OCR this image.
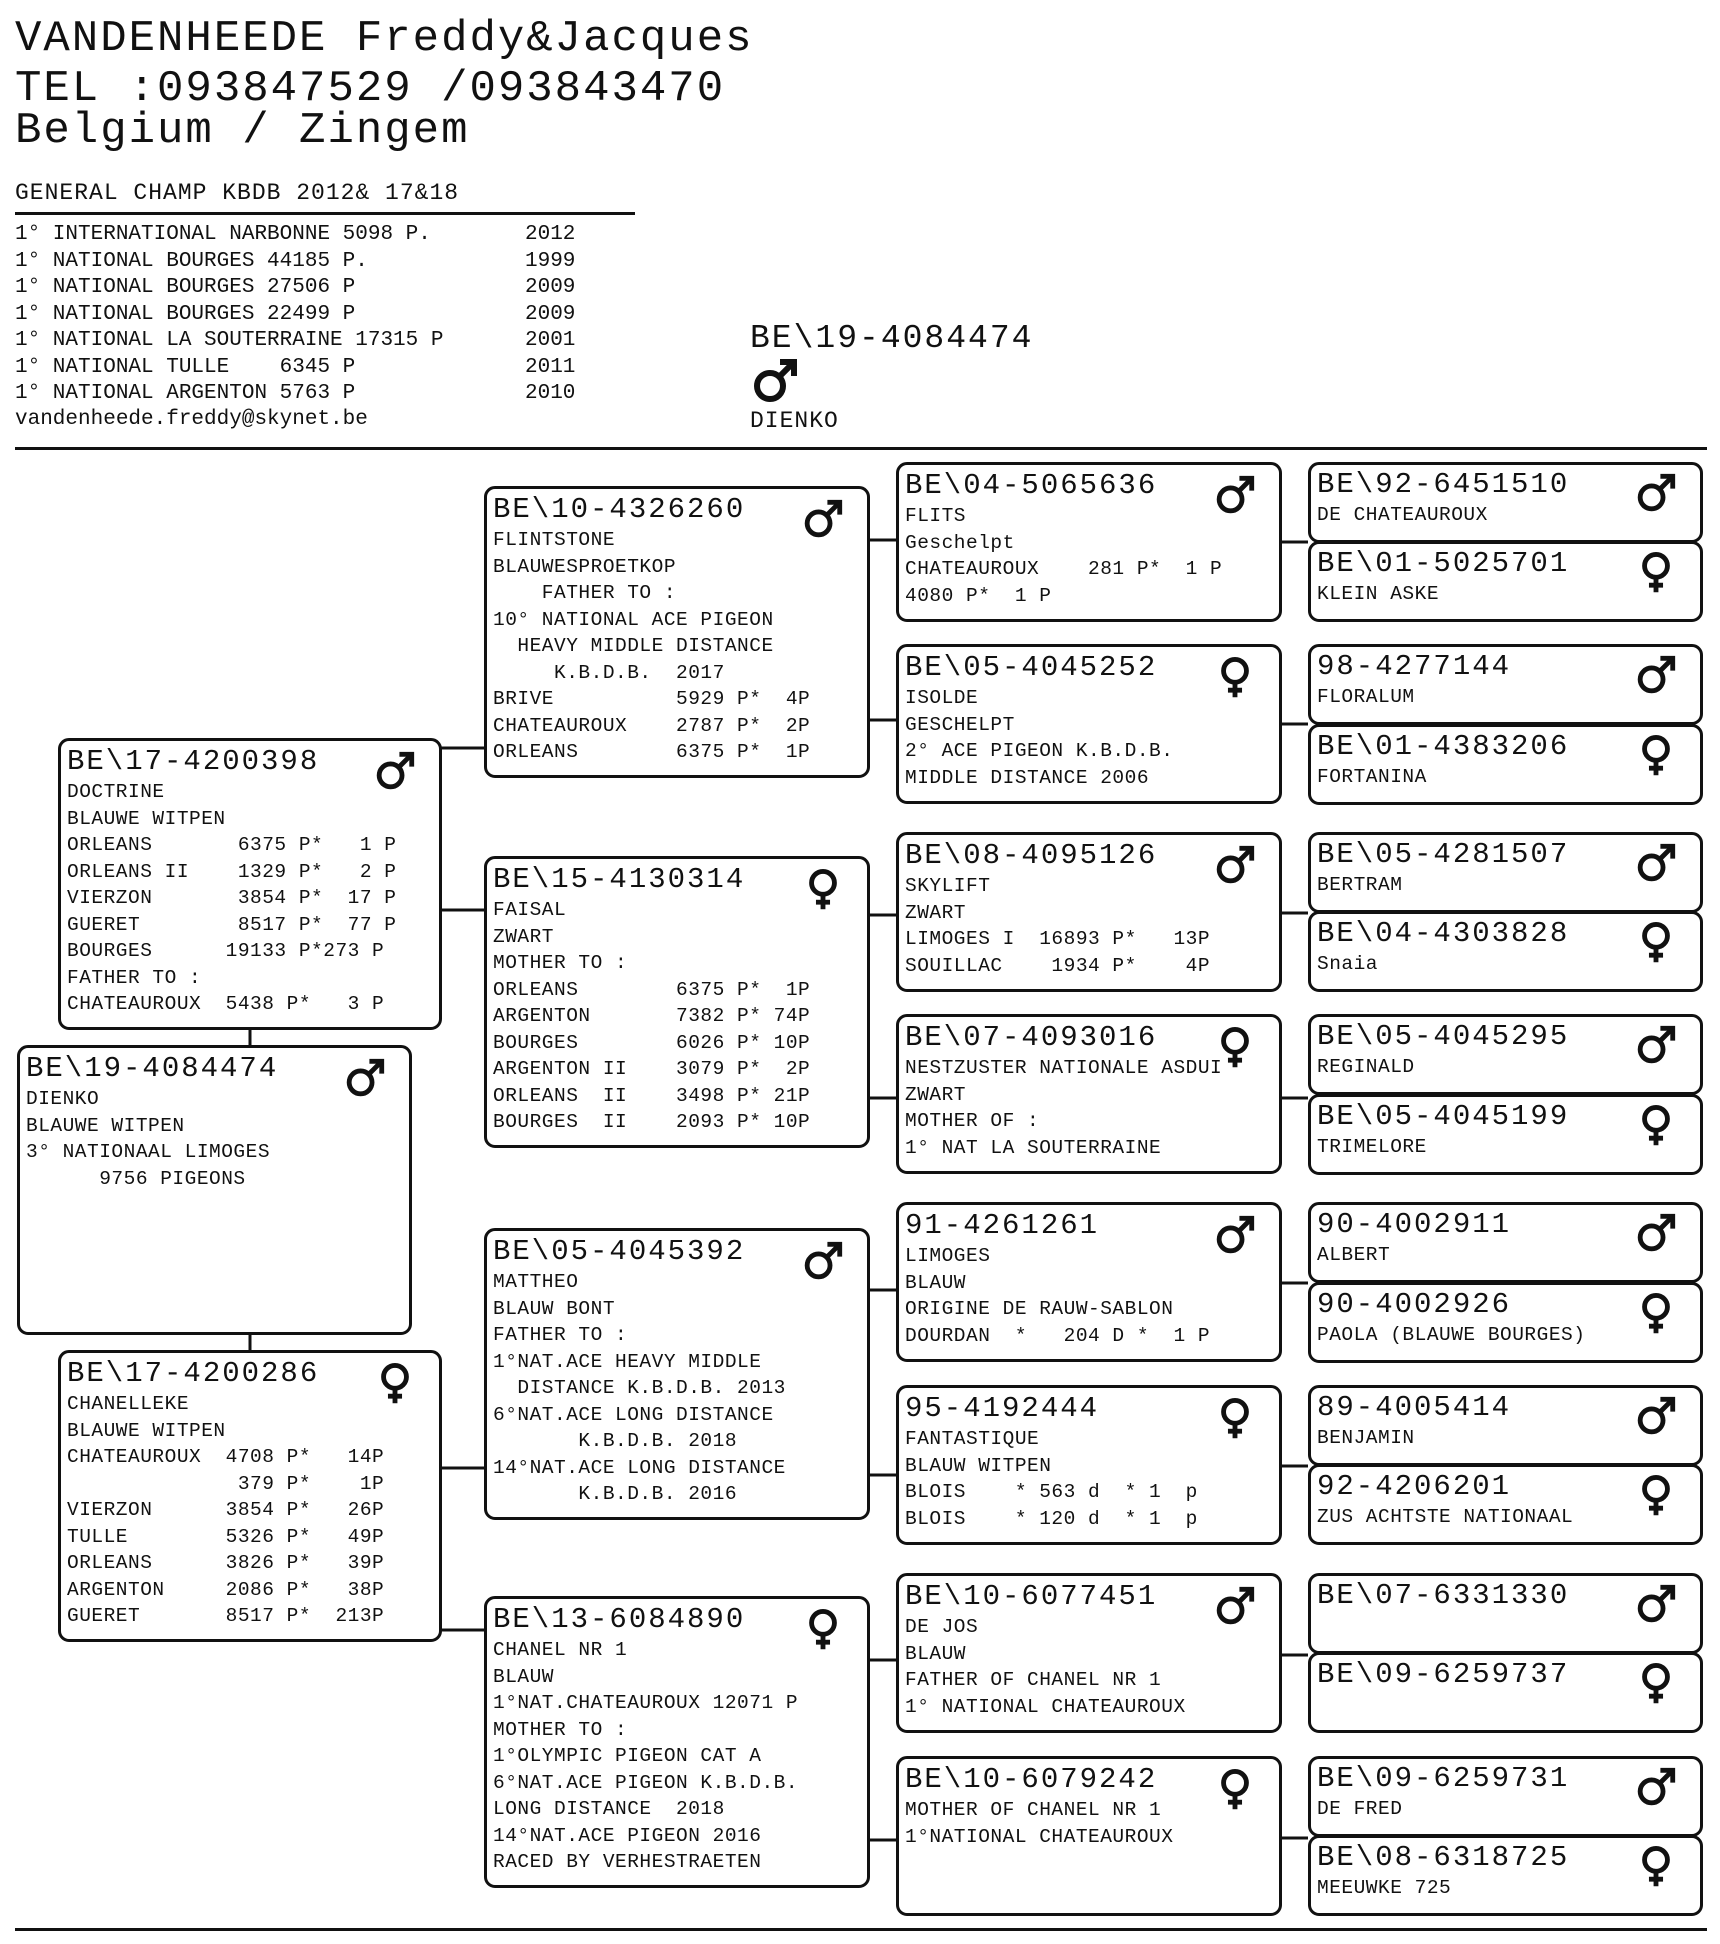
VANDENHEEDE Freddy&Jacques
TEL :093847529 /093843470
Belgium / Zingem
GENERAL CHAMP KBDB 2012& 17&18
1° INTERNATIONAL NARBONNE 5098 P.	2012
1° NATIONAL BOURGES 44185 P.	1999
1° NATIONAL BOURGES 27506 P	2009
1° NATIONAL BOURGES 22499 P	2009
1° NATIONAL LA SOUTERRAINE 17315 P	2001
1° NATIONAL TULLE    6345 P	2011
1° NATIONAL ARGENTON 5763 P	2010
vandenheede.freddy@skynet.be
BE\19-4084474
DIENKO
BE\19-4084474
DIENKO
BLAUWE WITPEN
3° NATIONAAL LIMOGES
9756 PIGEONS
BE\17-4200398
DOCTRINE
BLAUWE WITPEN
ORLEANS       6375 P*   1 P
ORLEANS II    1329 P*   2 P
VIERZON       3854 P*  17 P
GUERET        8517 P*  77 P
BOURGES      19133 P*273 P
FATHER TO :
CHATEAUROUX  5438 P*   3 P
BE\17-4200286
CHANELLEKE
BLAUWE WITPEN
CHATEAUROUX  4708 P*   14P
379 P*    1P
VIERZON      3854 P*   26P
TULLE        5326 P*   49P
ORLEANS      3826 P*   39P
ARGENTON     2086 P*   38P
GUERET       8517 P*  213P
BE\10-4326260
FLINTSTONE
BLAUWESPROETKOP
FATHER TO :
10° NATIONAL ACE PIGEON
HEAVY MIDDLE DISTANCE
K.B.D.B.  2017
BRIVE          5929 P*  4P
CHATEAUROUX    2787 P*  2P
ORLEANS        6375 P*  1P
BE\15-4130314
FAISAL
ZWART
MOTHER TO :
ORLEANS        6375 P*  1P
ARGENTON       7382 P* 74P
BOURGES        6026 P* 10P
ARGENTON II    3079 P*  2P
ORLEANS  II    3498 P* 21P
BOURGES  II    2093 P* 10P
BE\05-4045392
MATTHEO
BLAUW BONT
FATHER TO :
1°NAT.ACE HEAVY MIDDLE
DISTANCE K.B.D.B. 2013
6°NAT.ACE LONG DISTANCE
K.B.D.B. 2018
14°NAT.ACE LONG DISTANCE
K.B.D.B. 2016
BE\13-6084890
CHANEL NR 1
BLAUW
1°NAT.CHATEAUROUX 12071 P
MOTHER TO :
1°OLYMPIC PIGEON CAT A
6°NAT.ACE PIGEON K.B.D.B.
LONG DISTANCE  2018
14°NAT.ACE PIGEON 2016
RACED BY VERHESTRAETEN
BE\04-5065636
FLITS
Geschelpt
CHATEAUROUX    281 P*  1 P
4080 P*  1 P
BE\05-4045252
ISOLDE
GESCHELPT
2° ACE PIGEON K.B.D.B.
MIDDLE DISTANCE 2006
BE\08-4095126
SKYLIFT
ZWART
LIMOGES I  16893 P*   13P
SOUILLAC    1934 P*    4P
BE\07-4093016
NESTZUSTER NATIONALE ASDUI
ZWART
MOTHER OF :
1° NAT LA SOUTERRAINE
91-4261261
LIMOGES
BLAUW
ORIGINE DE RAUW-SABLON
DOURDAN  *   204 D *  1 P
95-4192444
FANTASTIQUE
BLAUW WITPEN
BLOIS    * 563 d  * 1  p
BLOIS    * 120 d  * 1  p
BE\10-6077451
DE JOS
BLAUW
FATHER OF CHANEL NR 1
1° NATIONAL CHATEAUROUX
BE\10-6079242
MOTHER OF CHANEL NR 1
1°NATIONAL CHATEAUROUX
BE\92-6451510
DE CHATEAUROUX
BE\01-5025701
KLEIN ASKE
98-4277144
FLORALUM
BE\01-4383206
FORTANINA
BE\05-4281507
BERTRAM
BE\04-4303828
Snaia
BE\05-4045295
REGINALD
BE\05-4045199
TRIMELORE
90-4002911
ALBERT
90-4002926
PAOLA (BLAUWE BOURGES)
89-4005414
BENJAMIN
92-4206201
ZUS ACHTSTE NATIONAAL
BE\07-6331330
BE\09-6259737
BE\09-6259731
DE FRED
BE\08-6318725
MEEUWKE 725
